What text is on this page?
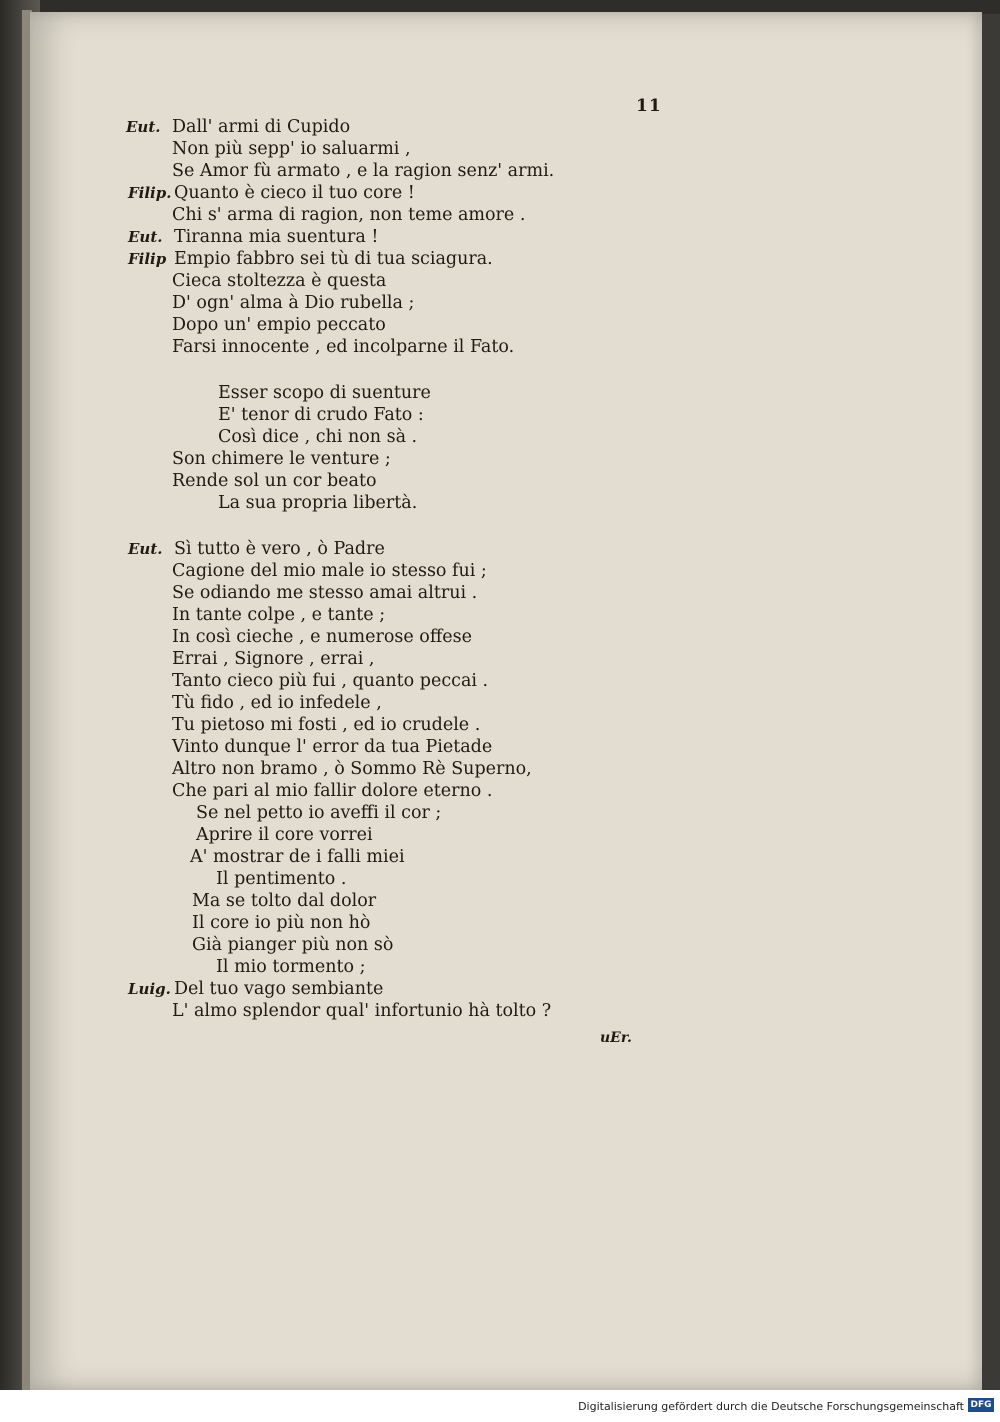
11
Eut. Dall' armi di Cupido
Non più sepp' io saluarmi ,
Se Amor fù armato , e la ragion senz' armi.
Filip. Quanto è cieco il tuo core !
Chi s' arma di ragion, non teme amore .
Eut. Tiranna mia suentura !
Filip Empio fabbro sei tù di tua sciagura.
Cieca stoltezza è questa
D' ogn' alma à Dio rubella ;
Dopo un' empio peccato
Farsi innocente , ed incolparne il Fato.
Esser scopo di suenture
E' tenor di crudo Fato :
Così dice , chi non sà .
Son chimere le venture ;
Rende sol un cor beato
La sua propria libertà.
Eut. Sì tutto è vero , ò Padre
Cagione del mio male io stesso fui ;
Se odiando me stesso amai altrui .
In tante colpe , e tante ;
In così cieche , e numerose offese
Errai , Signore , errai ,
Tanto cieco più fui , quanto peccai .
Tù fido , ed io infedele ,
Tu pietoso mi fosti , ed io crudele .
Vinto dunque l' error da tua Pietade
Altro non bramo , ò Sommo Rè Superno,
Che pari al mio fallir dolore eterno .
Se nel petto io aveffi il cor ;
Aprire il core vorrei
A' mostrar de i falli miei
Il pentimento .
Ma se tolto dal dolor
Il core io più non hò
Già pianger più non sò
Il mio tormento ;
Luig. Del tuo vago sembiante
L' almo splendor qual' infortunio hà tolto ?
uEr.
Digitalisierung gefördert durch die Deutsche Forschungsgemeinschaft DFG
